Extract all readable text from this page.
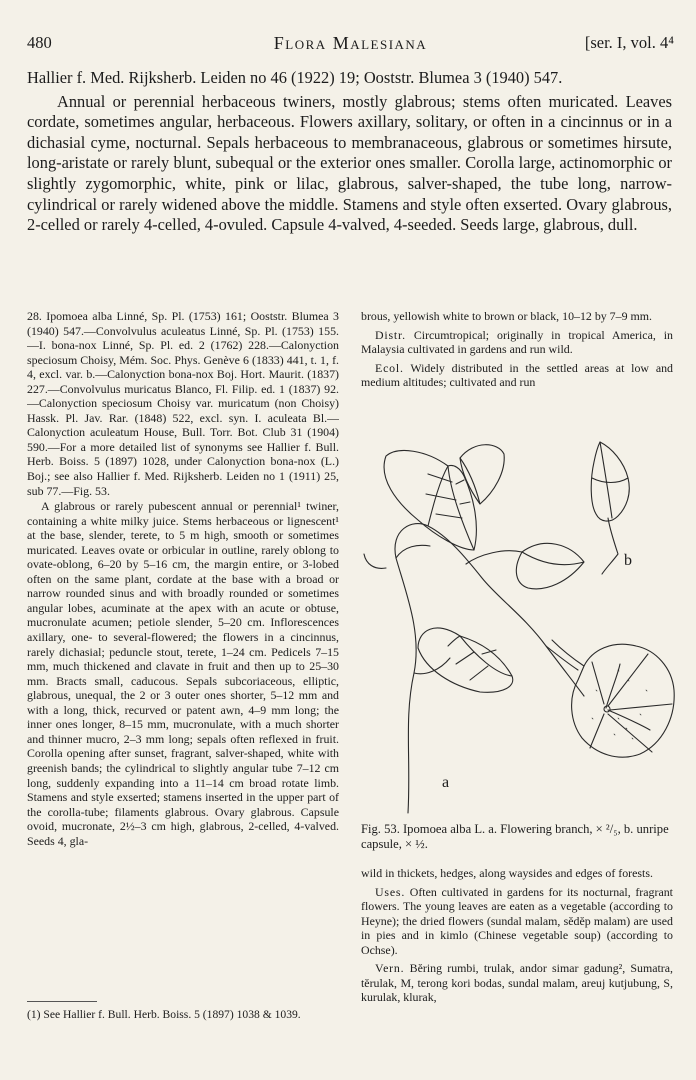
480	Flora Malesiana	[ser. I, vol. 4⁴

Hallier f. Med. Rijksherb. Leiden no 46 (1922) 19; Ooststr. Blumea 3 (1940) 547.

Annual or perennial herbaceous twiners, mostly glabrous; stems often muricated. Leaves cordate, sometimes angular, herbaceous. Flowers axillary, solitary, or often in a cincinnus or in a dichasial cyme, nocturnal. Sepals herbaceous to membranaceous, glabrous or sometimes hirsute, long-aristate or rarely blunt, subequal or the exterior ones smaller. Corolla large, actinomorphic or slightly zygomorphic, white, pink or lilac, glabrous, salver-shaped, the tube long, narrow-cylindrical or rarely widened above the middle. Stamens and style often exserted. Ovary glabrous, 2-celled or rarely 4-celled, 4-ovuled. Capsule 4-valved, 4-seeded. Seeds large, glabrous, dull.

28. Ipomoea alba Linné, Sp. Pl. (1753) 161; Ooststr. Blumea 3 (1940) 547.—Convolvulus aculeatus Linné, Sp. Pl. (1753) 155.—I. bona-nox Linné, Sp. Pl. ed. 2 (1762) 228.—Calonyction speciosum Choisy, Mém. Soc. Phys. Genève 6 (1833) 441, t. 1, f. 4, excl. var. b.—Calonyction bona-nox Boj. Hort. Maurit. (1837) 227.—Convolvulus muricatus Blanco, Fl. Filip. ed. 1 (1837) 92.—Calonyction speciosum Choisy var. muricatum (non Choisy) Hassk. Pl. Jav. Rar. (1848) 522, excl. syn. I. aculeata Bl.—Calonyction aculeatum House, Bull. Torr. Bot. Club 31 (1904) 590.—For a more detailed list of synonyms see Hallier f. Bull. Herb. Boiss. 5 (1897) 1028, under Calonyction bona-nox (L.) Boj.; see also Hallier f. Med. Rijksherb. Leiden no 1 (1911) 25, sub 77.—Fig. 53.

A glabrous or rarely pubescent annual or perennial¹ twiner, containing a white milky juice. Stems herbaceous or lignescent¹ at the base, slender, terete, to 5 m high, smooth or sometimes muricated. Leaves ovate or orbicular in outline, rarely oblong to ovate-oblong, 6–20 by 5–16 cm, the margin entire, or 3-lobed often on the same plant, cordate at the base with a broad or narrow rounded sinus and with broadly rounded or sometimes angular lobes, acuminate at the apex with an acute or obtuse, mucronulate acumen; petiole slender, 5–20 cm. Inflorescences axillary, one- to several-flowered; the flowers in a cincinnus, rarely dichasial; peduncle stout, terete, 1–24 cm. Pedicels 7–15 mm, much thickened and clavate in fruit and then up to 25–30 mm. Bracts small, caducous. Sepals subcoriaceous, elliptic, glabrous, unequal, the 2 or 3 outer ones shorter, 5–12 mm and with a long, thick, recurved or patent awn, 4–9 mm long; the inner ones longer, 8–15 mm, mucronulate, with a much shorter and thinner mucro, 2–3 mm long; sepals often reflexed in fruit. Corolla opening after sunset, fragrant, salver-shaped, white with greenish bands; the cylindrical to slightly angular tube 7–12 cm long, suddenly expanding into a 11–14 cm broad rotate limb. Stamens and style exserted; stamens inserted in the upper part of the corolla-tube; filaments glabrous. Ovary glabrous. Capsule ovoid, mucronate, 2½–3 cm high, glabrous, 2-celled, 4-valved. Seeds 4, gla-

brous, yellowish white to brown or black, 10–12 by 7–9 mm.

Distr. Circumtropical; originally in tropical America, in Malaysia cultivated in gardens and run wild.

Ecol. Widely distributed in the settled areas at low and medium altitudes; cultivated and run

a
b
Fig. 53. Ipomoea alba L. a. Flowering branch, × ²/₅, b. unripe capsule, × ½.

wild in thickets, hedges, along waysides and edges of forests.

Uses. Often cultivated in gardens for its nocturnal, fragrant flowers. The young leaves are eaten as a vegetable (according to Heyne); the dried flowers (sundal malam, sĕdĕp malam) are used in pies and in kimlo (Chinese vegetable soup) (according to Ochse).

Vern. Bĕring rumbi, trulak, andor simar gadung², Sumatra, tĕrulak, M, terong kori bodas, sundal malam, areuj kutjubung, S, kurulak, klurak,

(1) See Hallier f. Bull. Herb. Boiss. 5 (1897) 1038 & 1039.
